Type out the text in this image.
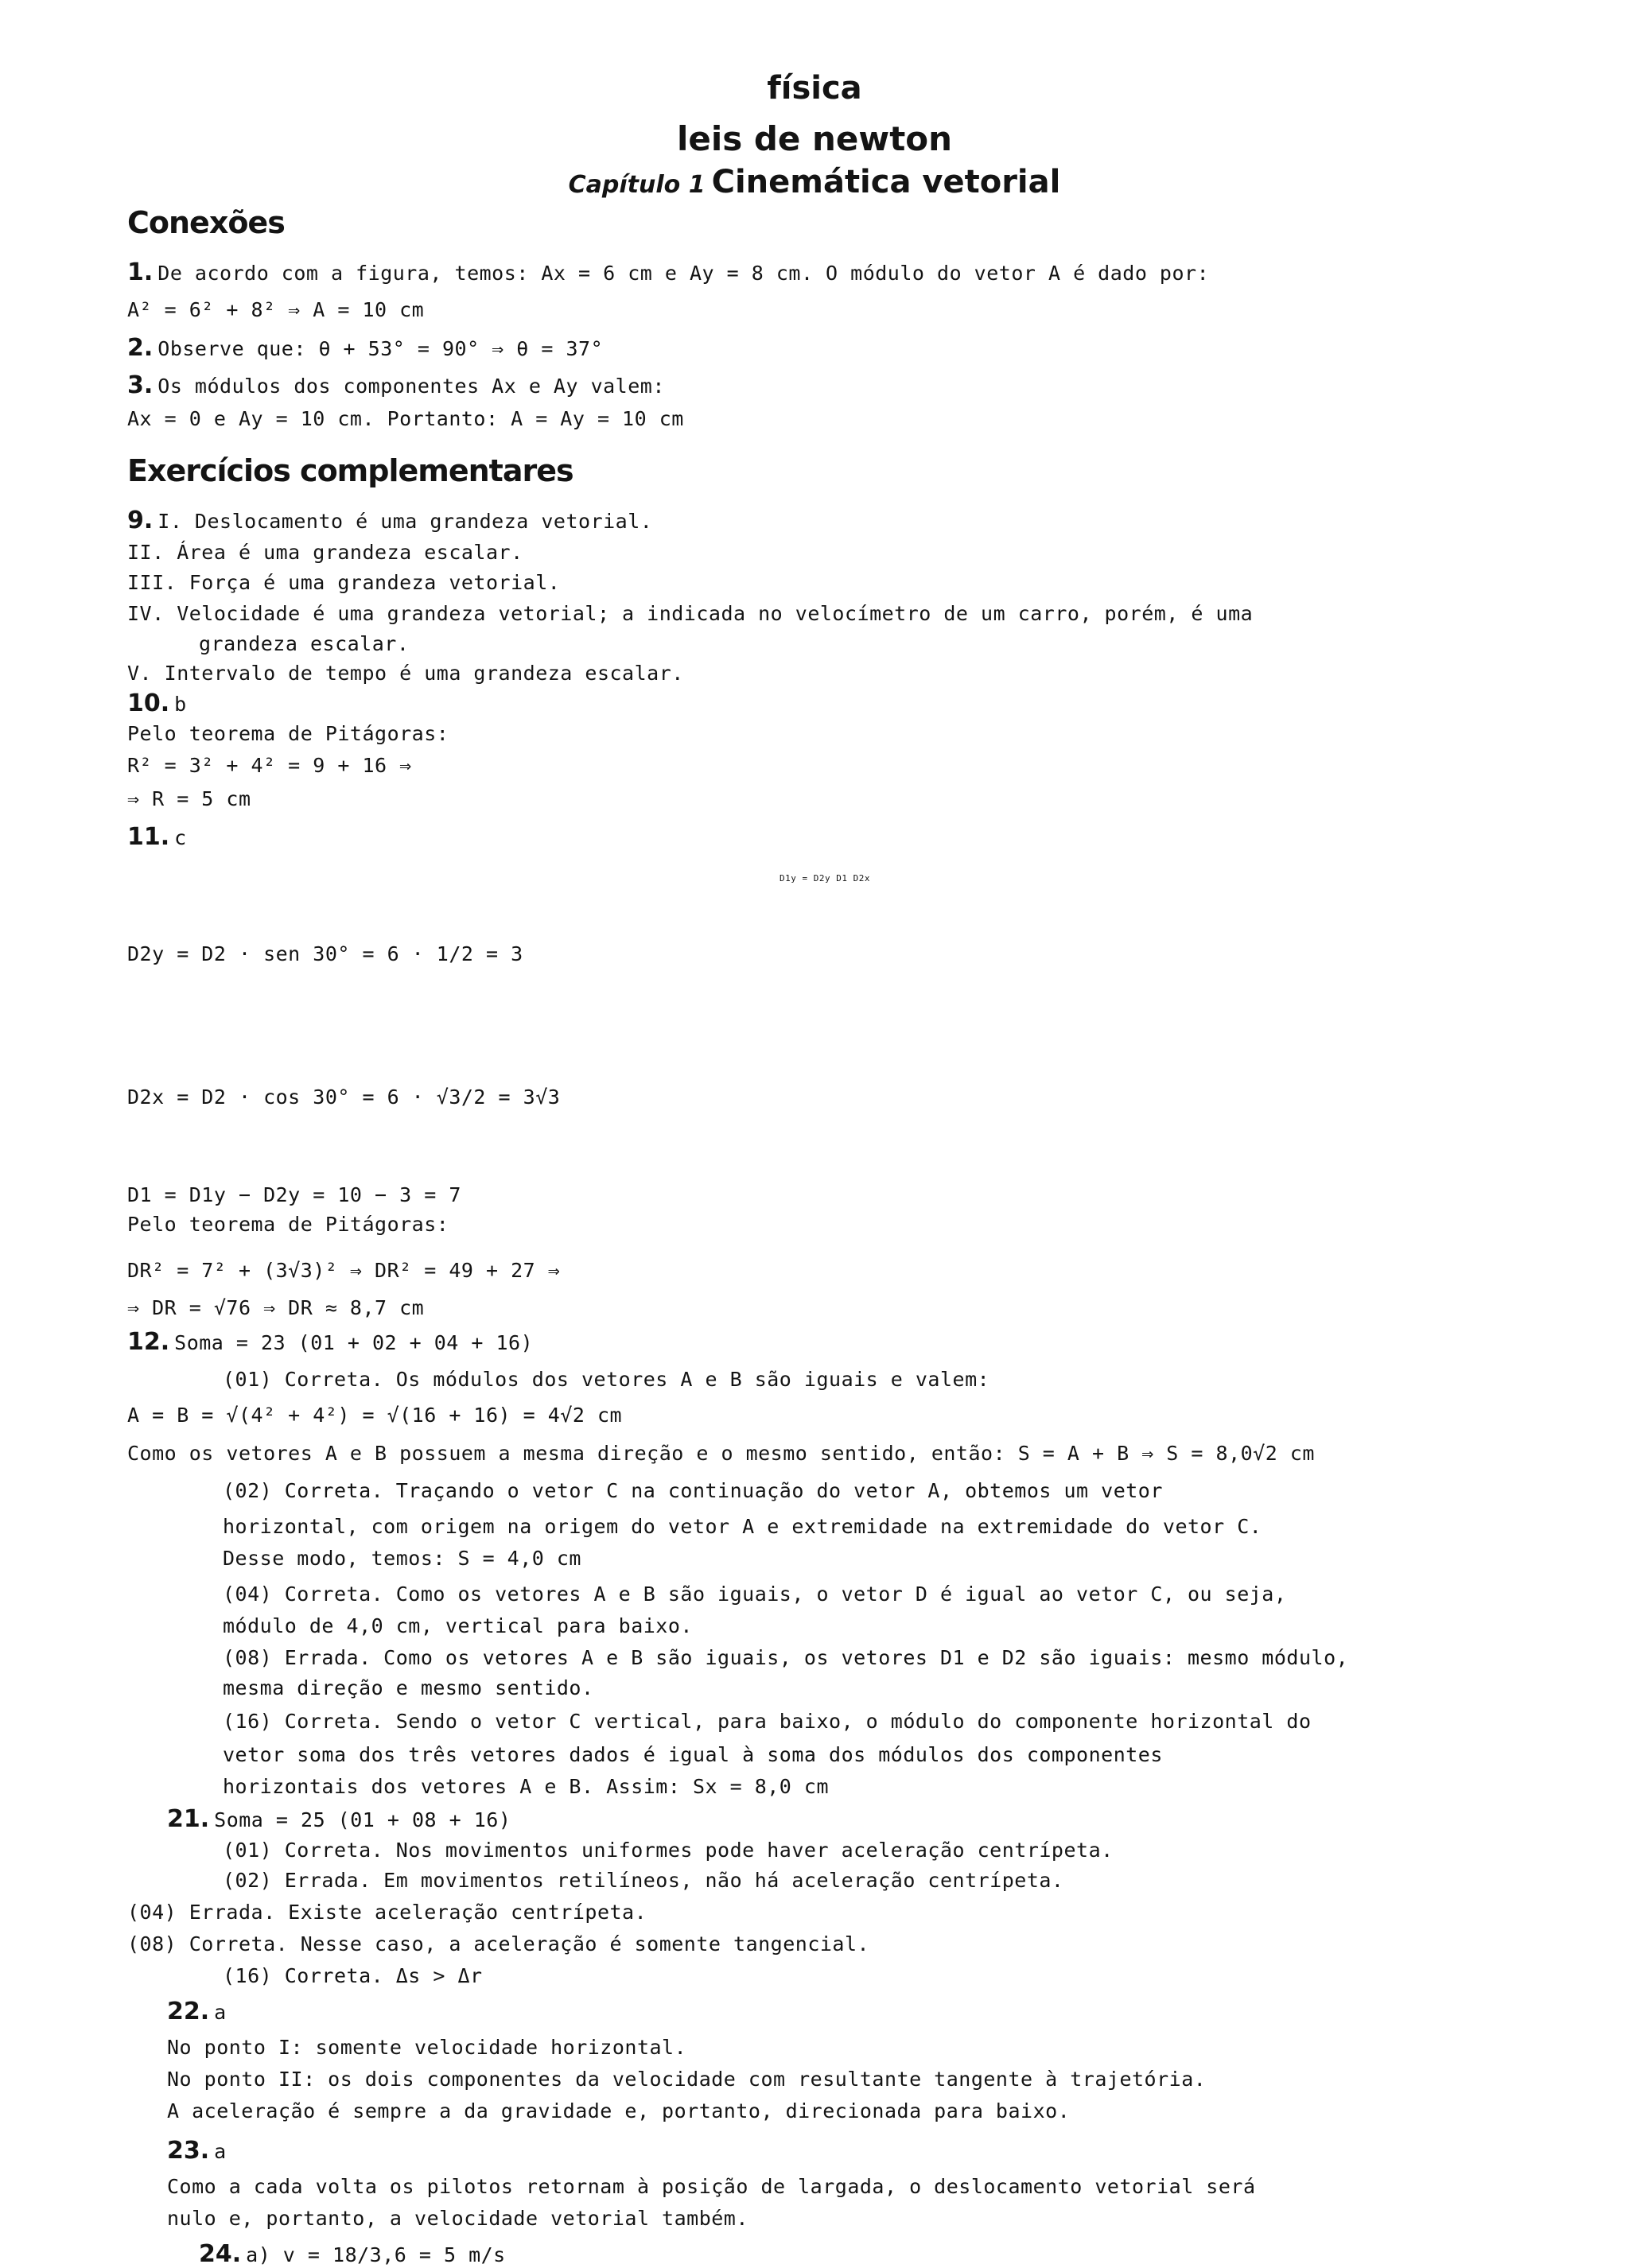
física
leis de newton
Capítulo 1 Cinemática vetorial
Conexões
Exercícios complementares
1. De acordo com a figura, temos: Ax = 6 cm e Ay = 8 cm. O módulo do vetor A é dado por:
A² = 6² + 8² ⇒ A = 10 cm
2. Observe que: θ + 53° = 90° ⇒ θ = 37°
3. Os módulos dos componentes Ax e Ay valem:
Ax = 0 e Ay = 10 cm. Portanto: A = Ay = 10 cm
9. I. Deslocamento é uma grandeza vetorial.
II. Área é uma grandeza escalar.
III. Força é uma grandeza vetorial.
IV. Velocidade é uma grandeza vetorial; a indicada no velocímetro de um carro, porém, é uma
grandeza escalar.
V. Intervalo de tempo é uma grandeza escalar.
10. b
Pelo teorema de Pitágoras:
R² = 3² + 4² = 9 + 16 ⇒
⇒ R = 5 cm
11. c
D1y = D2y D1 D2x
D2y = D2 · sen 30° = 6 · 1/2 = 3
D2x = D2 · cos 30° = 6 · √3/2 = 3√3
D1 = D1y − D2y = 10 − 3 = 7
Pelo teorema de Pitágoras:
DR² = 7² + (3√3)² ⇒ DR² = 49 + 27 ⇒
⇒ DR = √76 ⇒ DR ≈ 8,7 cm
12. Soma = 23 (01 + 02 + 04 + 16)
(01) Correta. Os módulos dos vetores A e B são iguais e valem:
A = B = √(4² + 4²) = √(16 + 16) = 4√2 cm
Como os vetores A e B possuem a mesma direção e o mesmo sentido, então: S = A + B ⇒ S = 8,0√2 cm
(02) Correta. Traçando o vetor C na continuação do vetor A, obtemos um vetor
horizontal, com origem na origem do vetor A e extremidade na extremidade do vetor C.
Desse modo, temos: S = 4,0 cm
(04) Correta. Como os vetores A e B são iguais, o vetor D é igual ao vetor C, ou seja,
módulo de 4,0 cm, vertical para baixo.
(08) Errada. Como os vetores A e B são iguais, os vetores D1 e D2 são iguais: mesmo módulo,
mesma direção e mesmo sentido.
(16) Correta. Sendo o vetor C vertical, para baixo, o módulo do componente horizontal do
vetor soma dos três vetores dados é igual à soma dos módulos dos componentes
horizontais dos vetores A e B. Assim: Sx = 8,0 cm
21. Soma = 25 (01 + 08 + 16)
(01) Correta. Nos movimentos uniformes pode haver aceleração centrípeta.
(02) Errada. Em movimentos retilíneos, não há aceleração centrípeta.
(04) Errada. Existe aceleração centrípeta.
(08) Correta. Nesse caso, a aceleração é somente tangencial.
(16) Correta. Δs > Δr
22. a
No ponto I: somente velocidade horizontal.
No ponto II: os dois componentes da velocidade com resultante tangente à trajetória.
A aceleração é sempre a da gravidade e, portanto, direcionada para baixo.
23. a
Como a cada volta os pilotos retornam à posição de largada, o deslocamento vetorial será
nulo e, portanto, a velocidade vetorial também.
24. a) v = 18/3,6 = 5 m/s
